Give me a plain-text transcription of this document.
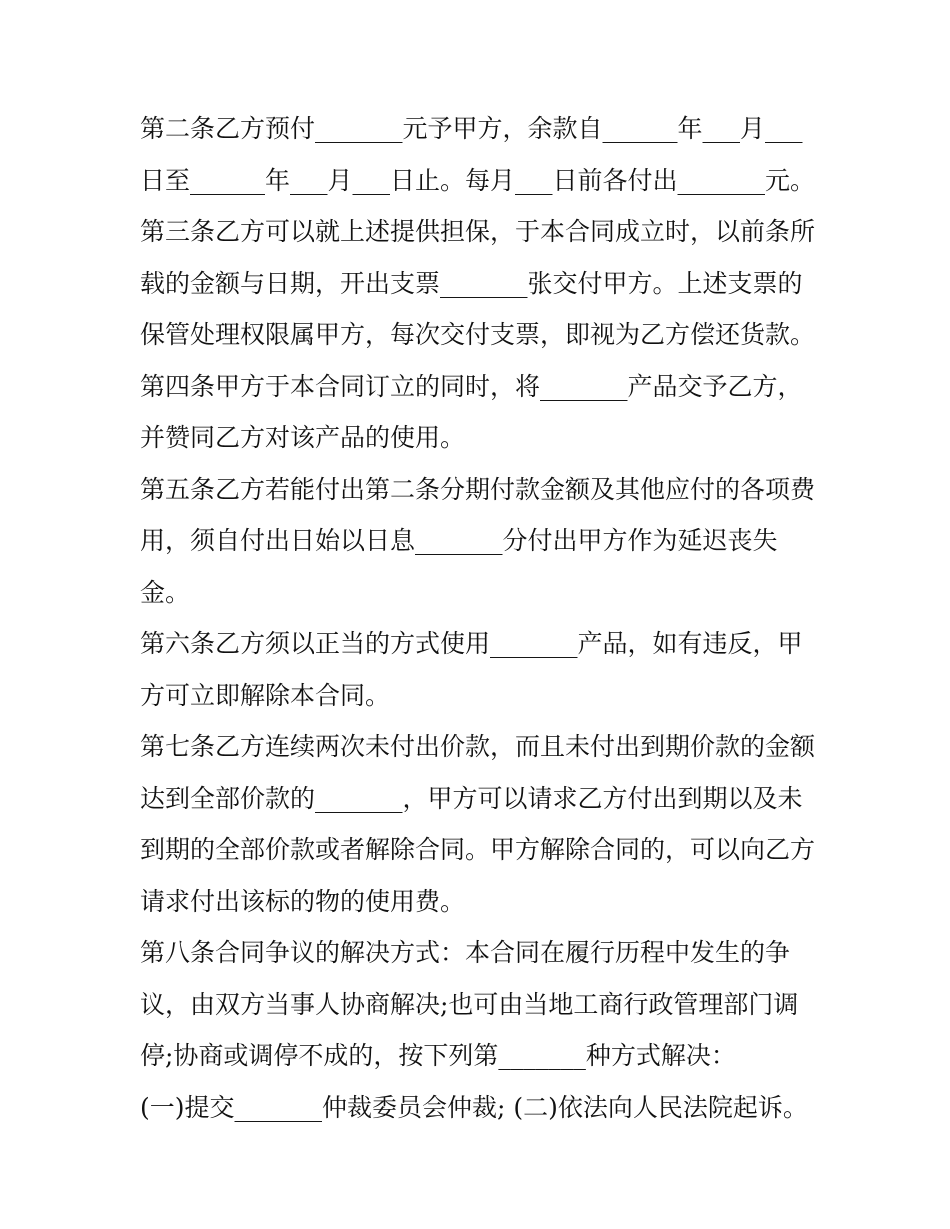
第二条乙方预付_______元予甲方，余款自______年___月___
日至______年___月___日止。每月___日前各付出_______元。
第三条乙方可以就上述提供担保，于本合同成立时，以前条所
载的金额与日期，开出支票_______张交付甲方。上述支票的
保管处理权限属甲方，每次交付支票，即视为乙方偿还货款。
第四条甲方于本合同订立的同时，将_______产品交予乙方，
并赞同乙方对该产品的使用。
第五条乙方若能付出第二条分期付款金额及其他应付的各项费
用，须自付出日始以日息_______分付出甲方作为延迟丧失
金。
第六条乙方须以正当的方式使用_______产品，如有违反，甲
方可立即解除本合同。
第七条乙方连续两次未付出价款，而且未付出到期价款的金额
达到全部价款的_______，甲方可以请求乙方付出到期以及未
到期的全部价款或者解除合同。甲方解除合同的，可以向乙方
请求付出该标的物的使用费。
第八条合同争议的解决方式：本合同在履行历程中发生的争
议，由双方当事人协商解决;也可由当地工商行政管理部门调
停;协商或调停不成的，按下列第_______种方式解决：
(一)提交_______仲裁委员会仲裁; (二)依法向人民法院起诉。
